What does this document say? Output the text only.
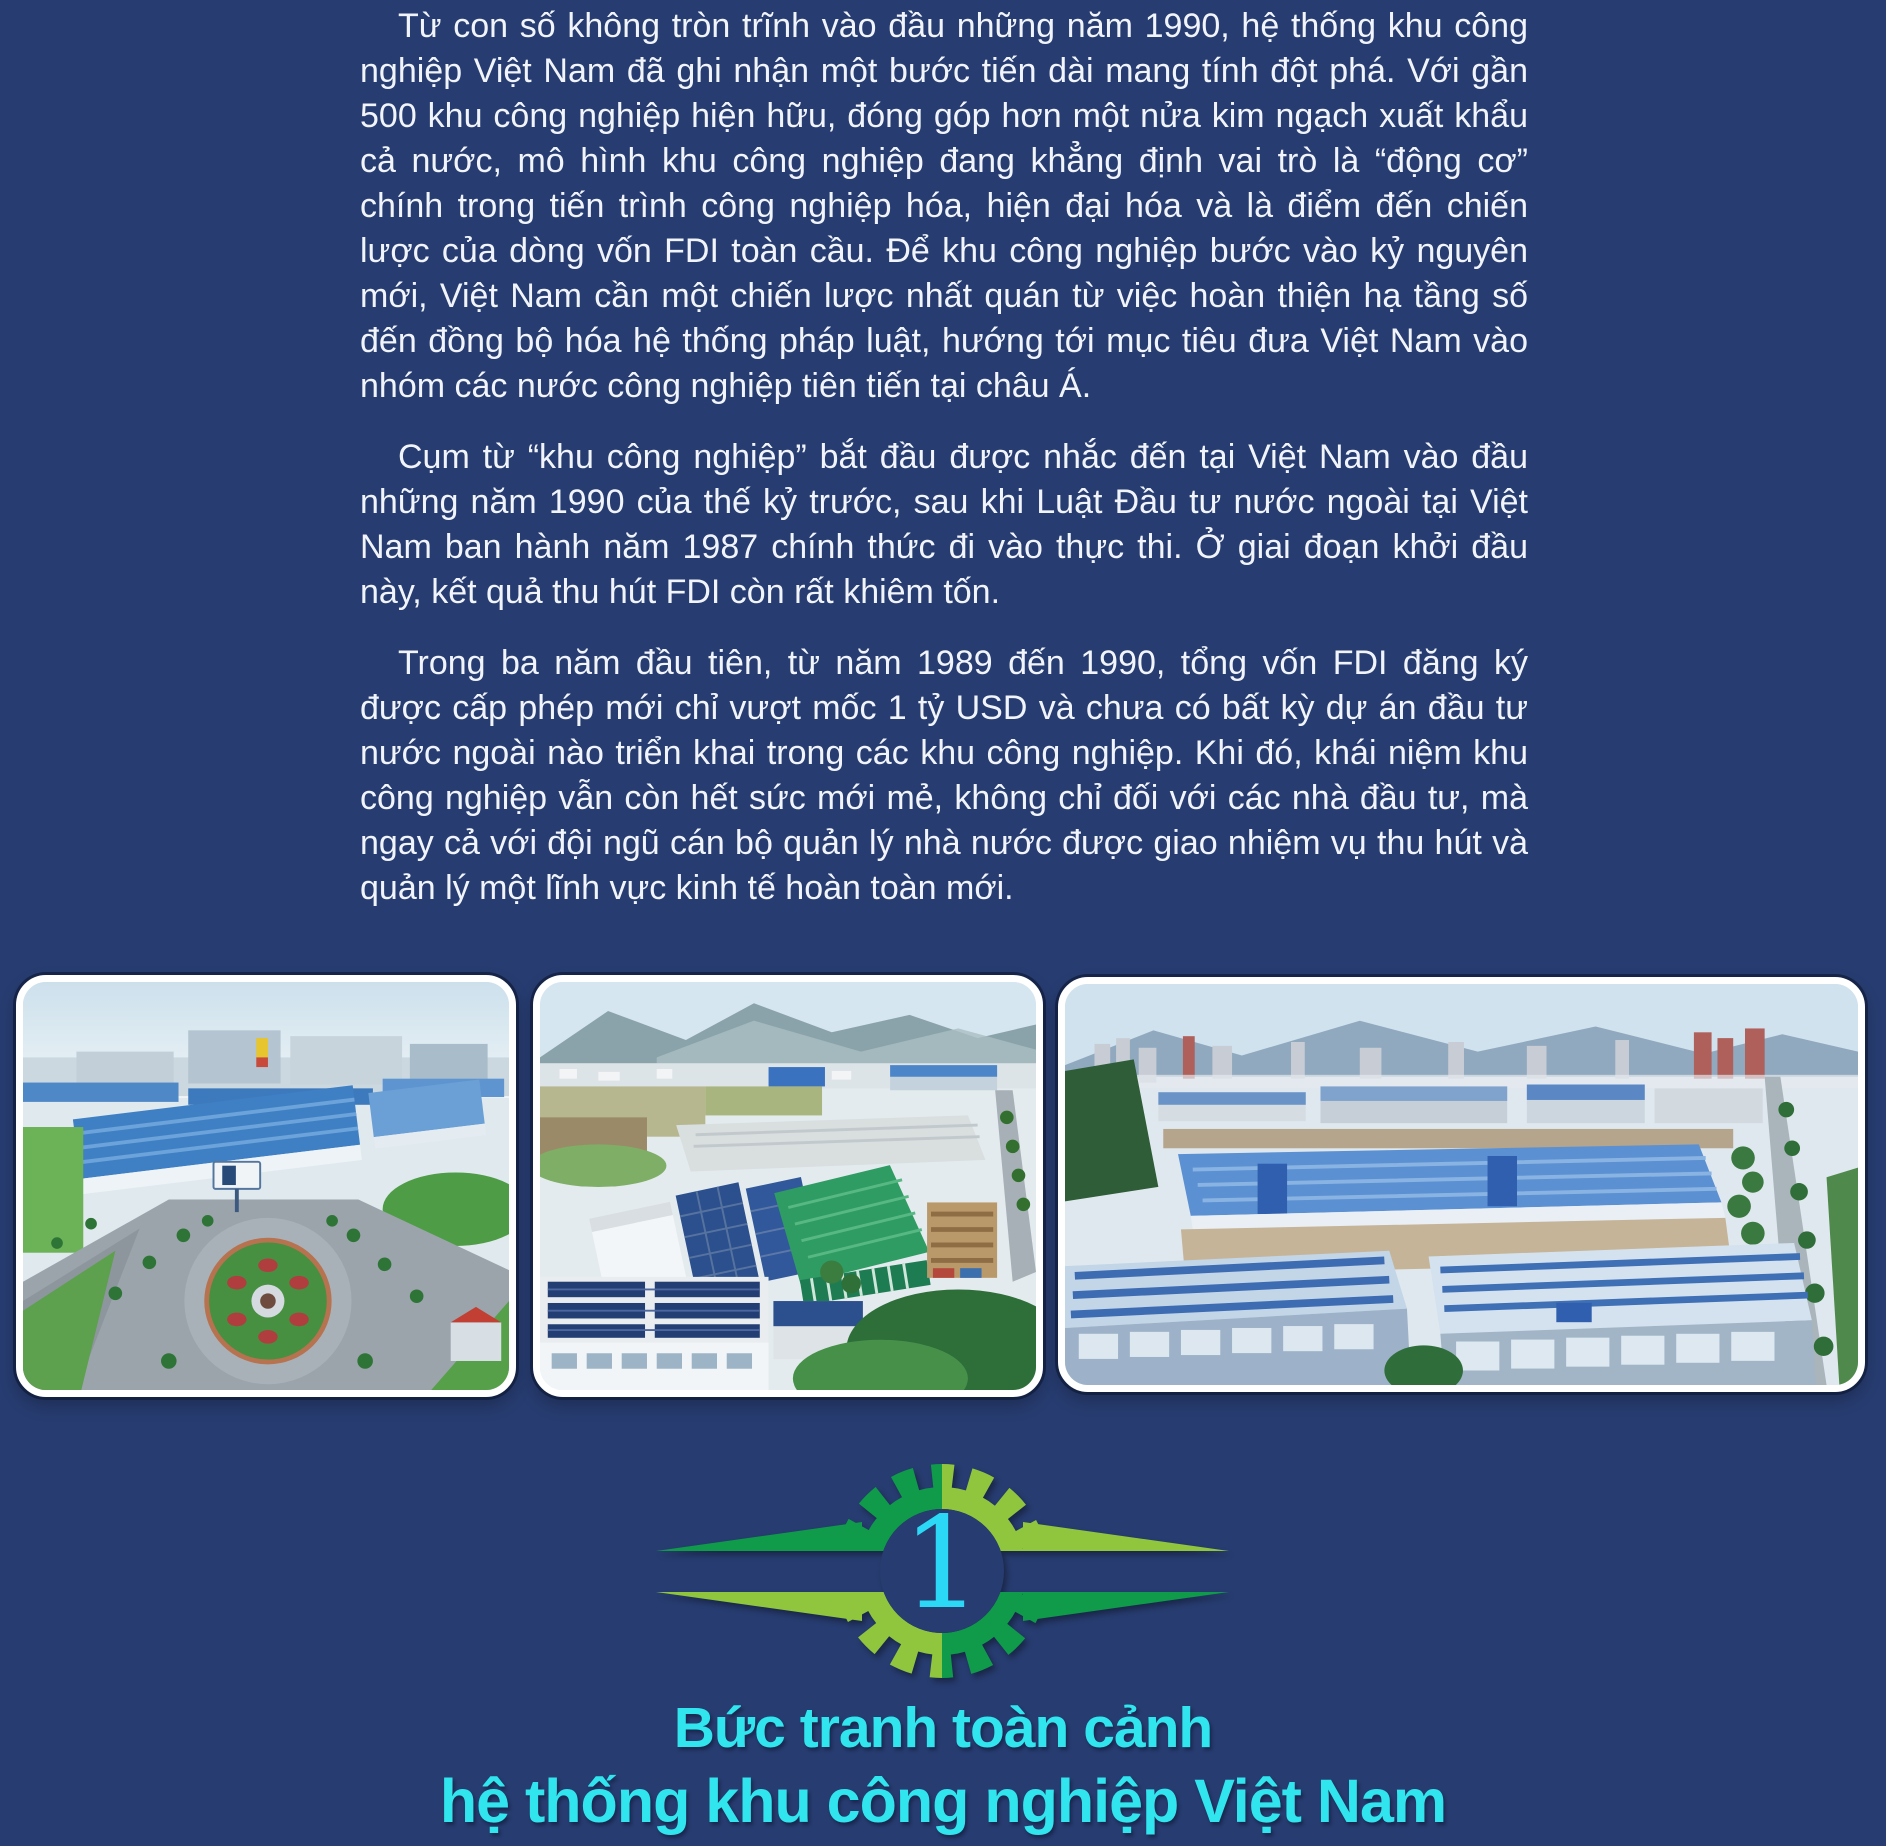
Từ con số không tròn trĩnh vào đầu những năm 1990, hệ thống khu công nghiệp Việt Nam đã ghi nhận một bước tiến dài mang tính đột phá. Với gần 500 khu công nghiệp hiện hữu, đóng góp hơn một nửa kim ngạch xuất khẩu cả nước, mô hình khu công nghiệp đang khẳng định vai trò là “động cơ” chính trong tiến trình công nghiệp hóa, hiện đại hóa và là điểm đến chiến lược của dòng vốn FDI toàn cầu. Để khu công nghiệp bước vào kỷ nguyên mới, Việt Nam cần một chiến lược nhất quán từ việc hoàn thiện hạ tầng số đến đồng bộ hóa hệ thống pháp luật, hướng tới mục tiêu đưa Việt Nam vào nhóm các nước công nghiệp tiên tiến tại châu Á.

Cụm từ “khu công nghiệp” bắt đầu được nhắc đến tại Việt Nam vào đầu những năm 1990 của thế kỷ trước, sau khi Luật Đầu tư nước ngoài tại Việt Nam ban hành năm 1987 chính thức đi vào thực thi. Ở giai đoạn khởi đầu này, kết quả thu hút FDI còn rất khiêm tốn.

Trong ba năm đầu tiên, từ năm 1989 đến 1990, tổng vốn FDI đăng ký được cấp phép mới chỉ vượt mốc 1 tỷ USD và chưa có bất kỳ dự án đầu tư nước ngoài nào triển khai trong các khu công nghiệp. Khi đó, khái niệm khu công nghiệp vẫn còn hết sức mới mẻ, không chỉ đối với các nhà đầu tư, mà ngay cả với đội ngũ cán bộ quản lý nhà nước được giao nhiệm vụ thu hút và quản lý một lĩnh vực kinh tế hoàn toàn mới.

1
Bức tranh toàn cảnh
hệ thống khu công nghiệp Việt Nam
